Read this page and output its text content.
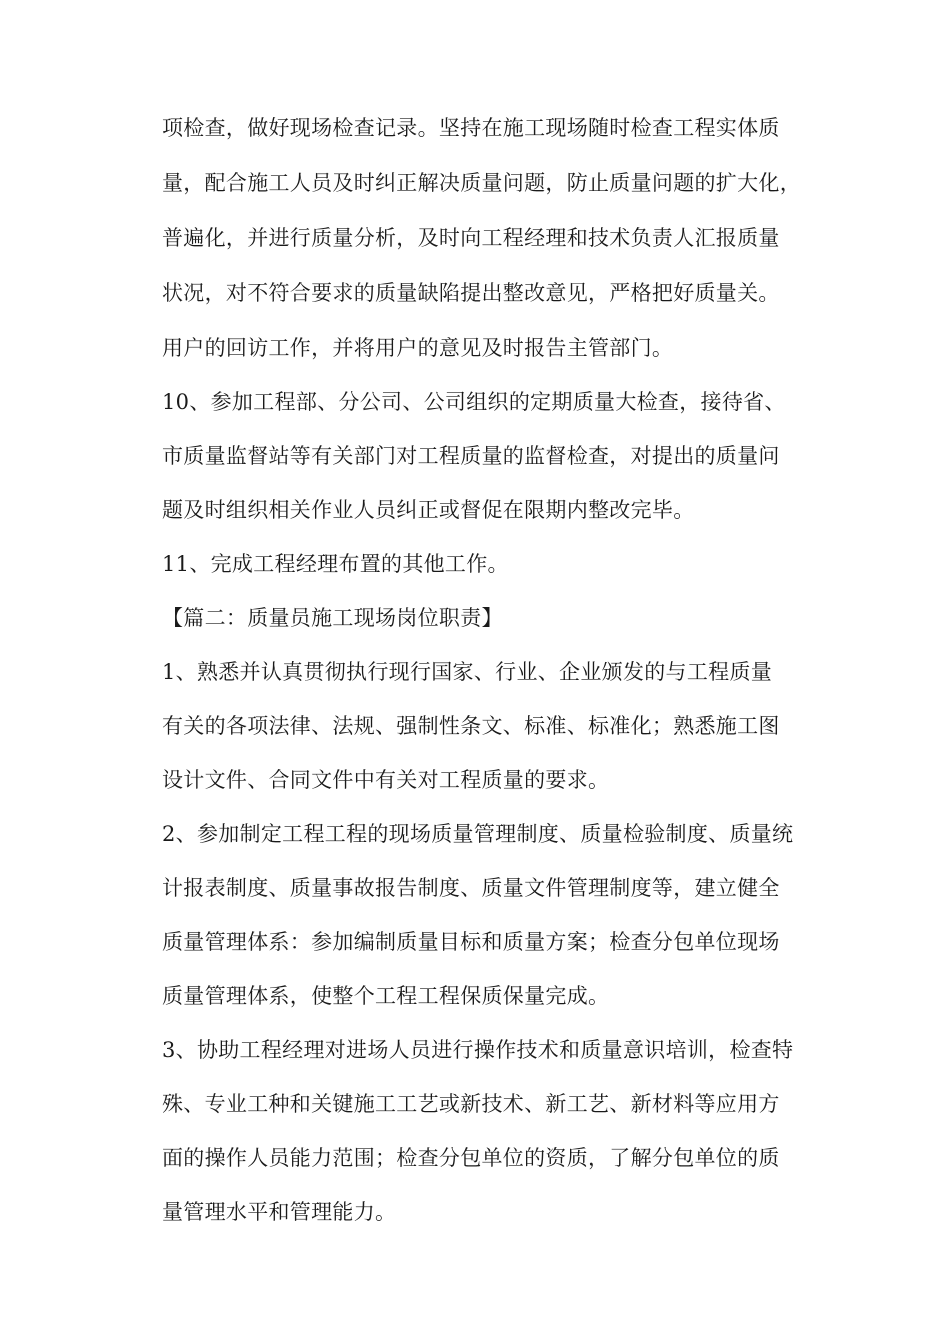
项检查，做好现场检查记录。坚持在施工现场随时检查工程实体质
量，配合施工人员及时纠正解决质量问题，防止质量问题的扩大化，
普遍化，并进行质量分析，及时向工程经理和技术负责人汇报质量
状况，对不符合要求的质量缺陷提出整改意见，严格把好质量关。
用户的回访工作，并将用户的意见及时报告主管部门。
10、参加工程部、分公司、公司组织的定期质量大检查，接待省、
市质量监督站等有关部门对工程质量的监督检查，对提出的质量问
题及时组织相关作业人员纠正或督促在限期内整改完毕。
11、完成工程经理布置的其他工作。
【篇二：质量员施工现场岗位职责】
1、熟悉并认真贯彻执行现行国家、行业、企业颁发的与工程质量
有关的各项法律、法规、强制性条文、标准、标准化；熟悉施工图
设计文件、合同文件中有关对工程质量的要求。
2、参加制定工程工程的现场质量管理制度、质量检验制度、质量统
计报表制度、质量事故报告制度、质量文件管理制度等，建立健全
质量管理体系：参加编制质量目标和质量方案；检查分包单位现场
质量管理体系，使整个工程工程保质保量完成。
3、协助工程经理对进场人员进行操作技术和质量意识培训，检查特
殊、专业工种和关键施工工艺或新技术、新工艺、新材料等应用方
面的操作人员能力范围；检查分包单位的资质，了解分包单位的质
量管理水平和管理能力。
